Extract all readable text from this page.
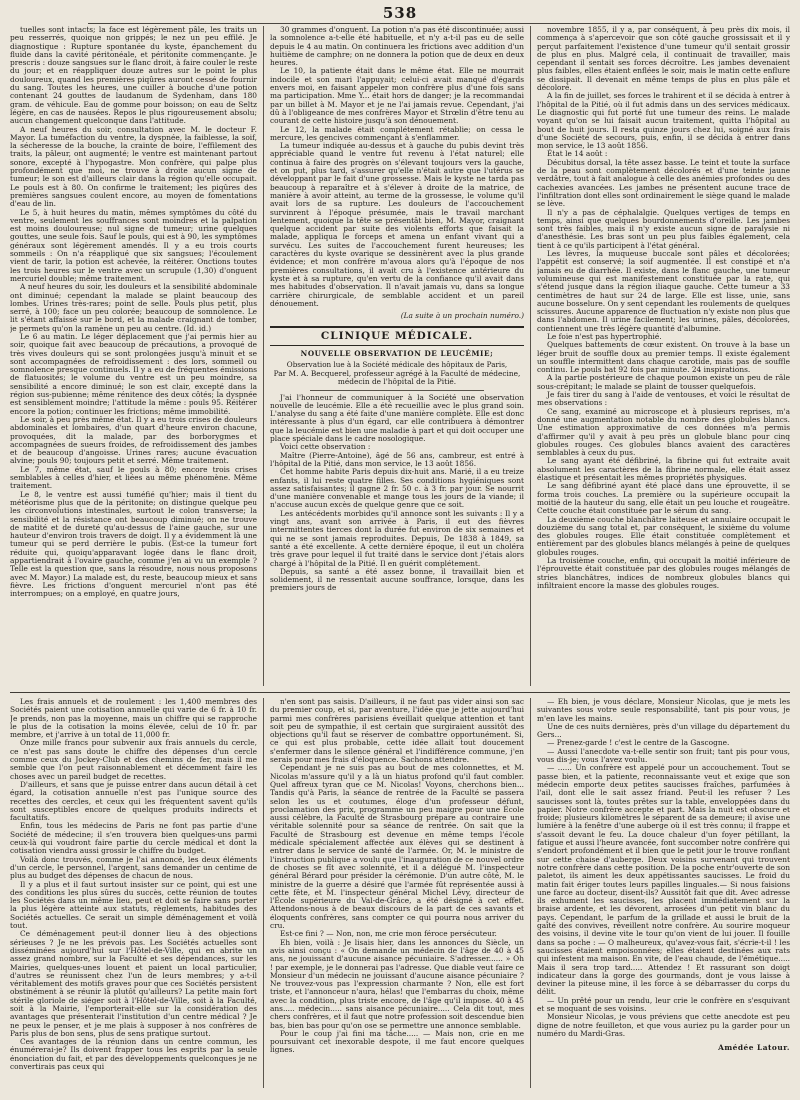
538

tuelles sont intacts; la face est légèrement pâle, les traits un peu resserrés, quoique non grippés; le nez un peu effilé. Je diagnostique : Rupture spontanée du kyste, épanchement du fluide dans la cavité péritonéale, et péritonite commençante. Je prescris : douze sangsues sur le flanc droit, à faire couler le reste du jour; et en réappliquer douze autres sur le point le plus douloureux, quand les premières piqûres auront cessé de fournir du sang. Toutes les heures, une cuiller à bouche d'une potion contenant 24 gouttes de laudanum de Sydenham, dans 180 gram. de véhicule. Eau de gomme pour boisson; on eau de Seltz légère, en cas de nausées. Repos le plus rigoureusement absolu; aucun changement quelconque dans l'attitude.

A neuf heures du soir, consultation avec M. le docteur F. Mayor. La tuméfaction du ventre, la dyspnée, la faiblesse, la soif, la sécheresse de la bouche, la crainte de boire, l'effilement des traits, la pâleur, ont augmenté; le ventre est maintenant partout sonore, excepté à l'hypogastre. Mon confrère, qui palpe plus profondément que moi, ne trouve à droite aucun signe de tumeur; le son est d'ailleurs clair dans la région qu'elle occupait. Le pouls est à 80. On confirme le traitement; les piqûres des premières sangsues coulent encore, au moyen de fomentations d'eau de lin.

Le 5, à huit heures du matin, mêmes symptômes du côté du ventre, seulement les souffrances sont moindres et la palpation est moins douloureuse; nul signe de tumeur; urine quelques gouttes, une seule fois. Sauf le pouls, qui est à 90, les symptômes généraux sont légèrement amendés. Il y a eu trois courts sommeils : On n'a réappliqué que six sangsues; l'écoulement vient de tarir, la potion est achevée, la réitérer. Onctions toutes les trois heures sur le ventre avec un scrupule (1,30) d'onguent mercuriel double; même traitement.

A neuf heures du soir, les douleurs et la sensibilité abdominale ont diminué; cependant la malade se plaint beaucoup des lombes. Urines très-rares; point de selle. Pouls plus petit, plus serré, à 100; face un peu colorée; beaucoup de somnolence. Le lit s'étant affaissé sur le bord, et la malade craignant de tomber, je permets qu'on la ramène un peu au centre. (Id. id.)

Le 6 au matin. Le léger déplacement que j'ai permis hier au soir, quoique fait avec beaucoup de précautions, a provoqué de très vives douleurs qui se sont prolongées jusqu'à minuit et se sont accompagnées de refroidissement : des lors, sommeil ou somnolence presque continuels. Il y a eu de fréquentes émissions de flatuosités; le volume du ventre est un peu moindre, sa sensibilité a encore diminué; le son est clair, excepté dans la région sus-pubienne; même rénitence des deux côtés; la dyspnée est sensiblement moindre; l'attitude la même : pouls 95. Réitérer encore la potion; continuer les frictions; même immobilité.

Le soir, à peu près même état. Il y a eu trois crises de douleurs abdominales et lombaires, d'un quart d'heure environ chacune, provoquées, dit la malade, par des borborygmes et accompagnées de sueurs froides, de refroidissement des jambes et de beaucoup d'angoisse. Urines rares; aucune évacuation alvine; pouls 90; toujours petit et serré. Même traitement.

Le 7, même état, sauf le pouls à 80; encore trois crises semblables à celles d'hier, et liées au même phénomène. Même traitement.

Le 8, le ventre est aussi tuméfié qu'hier; mais il tient du météorisme plus que de la péritonite; on distingue quelque peu les circonvolutions intestinales, surtout le colon transverse; la sensibilité et la résistance ont beaucoup diminué; on ne trouve de matité et de dureté qu'au-dessus de l'aine gauche, sur une hauteur d'environ trois travers de doigt. Il y a évidemment là une tumeur qui se perd derrière le pubis. (Est-ce la tumeur fort réduite qui, quoiqu'apparavant logée dans le flanc droit, appartiendrait à l'ovaire gauche, comme j'en ai vu un exemple ? Telle est la question que, sans la résoudre, nous nous proposons avec M. Mayor.) La malade est, du reste, beaucoup mieux et sans fièvre. Les frictions d'onguent mercuriel n'ont pas été interrompues; on a employé, en quatre jours,

30 grammes d'onguent. La potion n'a pas été discontinuée; aussi la somnolence a-t-elle été habituelle, et n'y a-t-il pas eu de selle depuis le 4 au matin. On continuera les frictions avec addition d'un huitième de camphre; on ne donnera la potion que de deux en deux heures.

Le 10, la patiente était dans le même état. Elle ne mourrait indocile et son mari l'appuyait; celui-ci avait manqué d'égards envers moi, en faisant appeler mon confrère plus d'une fois sans ma participation. Mme Y... était hors de danger; je la recommandai par un billet à M. Mayor et je ne l'ai jamais revue. Cependant, j'ai dû à l'obligeance de mes confrères Mayor et Strœlin d'être tenu au courant de cette histoire jusqu'à son dénouement.

Le 12, la malade était complétement rétablie; on cessa le mercure, les gencives commençant à s'enflammer.

La tumeur indiquée au-dessus et à gauche du pubis devint très appréciable quand le ventre fut revenu à l'état naturel; elle continua à faire des progrès on s'élevant toujours vers la gauche, et on put, plus tard, s'assurer qu'elle n'était autre que l'utérus se développant par le fait d'une grossesse. Mais le kyste ne tarda pas beaucoup à reparaître et à s'élever à droite de la matrice, de manière à avoir atteint, au terme de la grossesse, le volume qu'il avait lors de sa rupture. Les douleurs de l'accouchement survinrent à l'époque présumée, mais le travail marchant lentement, quoique la tête se présentât bien, M. Mayor, craignant quelque accident par suite des violents efforts que faisait la malade, appliqua le forceps et amena un enfant vivant qui a survécu. Les suites de l'accouchement furent heureuses; les caractères du kyste ovarique se dessinèrent avec la plus grande évidence; et mon confrère m'avoua alors qu'à l'époque de nos premières consultations, il avait cru à l'existence antérieure du kyste et à sa rupture, qu'en vertu de la confiance qu'il avait dans mes habitudes d'observation. Il n'avait jamais vu, dans sa longue carrière chirurgicale, de semblable accident et un pareil dénouement.

(La suite à un prochain numéro.)

CLINIQUE MÉDICALE.
NOUVELLE OBSERVATION DE LEUCÉMIE;
Observation lue à la Société médicale des hôpitaux de Paris,

Par M. A. Becquerel, professeur agrégé à la Faculté de médecine, médecin de l'hôpital de la Pitié.

J'ai l'honneur de communiquer à la Société une observation nouvelle de leucémie. Elle a été recueillie avec le plus grand soin. L'analyse du sang a été faite d'une manière complète. Elle est donc intéressante à plus d'un égard, car elle contribuera à démontrer que la leucémie est bien une maladie à part et qui doit occuper une place spéciale dans le cadre nosologique.

Voici cette observation :

Maître (Pierre-Antoine), âgé de 56 ans, cambreur, est entré à l'hôpital de la Pitié, dans mon service, le 13 août 1856.

Cet homme habite Paris depuis dix-huit ans. Marié, il a eu treize enfants, il lui reste quatre filles. Ses conditions hygiéniques sont assez satisfaisantes; il gagne 2 fr. 50 c. à 3 fr. par jour. Se nourrit d'une manière convenable et mange tous les jours de la viande; il n'accuse aucun excès de quelque genre que ce soit.

Les antécédents morbides qu'il annonce sont les suivants : Il y a vingt ans, avant son arrivée à Paris, il eut des fièvres intermittentes tierces dont la durée fut environ de six semaines et qui ne se sont jamais reproduites. Depuis, De 1838 à 1849, sa santé a été excellente. A cette dernière époque, il eut un choléra très grave pour lequel il fut traité dans le service dont j'étais alors chargé à l'hôpital de la Pitié. Il en guérit complétement.

Depuis, sa santé a été assez bonne, il travaillait bien et solidement, il ne ressentait aucune souffrance, lorsque, dans les premiers jours de

novembre 1855, il y a, par conséquent, à peu près dix mois, il commença à s'apercevoir que son côté gauche grossissait et il y perçut parfaitement l'existence d'une tumeur qu'il sentait grossir de plus en plus. Malgré cela, il continuait de travailler, mais cependant il sentait ses forces décroître. Les jambes devenaient plus faibles, elles étaient enflées le soir, mais le matin cette enflure se dissipait. Il devenait en même temps de plus en plus pâle et décoloré.

A la fin de juillet, ses forces le trahirent et il se décida à entrer à l'hôpital de la Pitié, où il fut admis dans un des services médicaux. Le diagnostic qui fut porté fut une tumeur des reins. Le malade voyant qu'on se lui faisait aucun traitement, quitta l'hôpital au bout de huit jours. Il resta quinze jours chez lui, soigné aux frais d'une Société de secours, puis, enfin, il se décida à entrer dans mon service, le 13 août 1856.

État le 14 août :

Décubitus dorsal, la tête assez basse. Le teint et toute la surface de la peau sont complètement décolorés et d'une teinte jaune verdâtre, tout à fait analogue à celle des anémies profondes ou des cachexies avancées. Les jambes ne présentent aucune trace de l'infiltration dont elles sont ordinairement le siège quand le malade se lève.

Il n'y a pas de céphalalgie. Quelques vertiges de temps en temps, ainsi que quelques bourdonnements d'oreille. Les jambes sont très faibles, mais il n'y existe aucun signe de paralysie ni d'anesthésie. Les bras sont un peu plus faibles également, cela tient à ce qu'ils participent à l'état général.

Les lèvres, la muqueuse buccale sont pâles et décolorées; l'appétit est conservé; la soif augmentée. Il est constipé et n'a jamais eu de diarrhée. Il existe, dans le flanc gauche, une tumeur volumineuse qui est manifestement constituée par la rate, qui s'étend jusque dans la région iliaque gauche. Cette tumeur a 33 centimètres de haut sur 24 de large. Elle est lisse, unie, sans aucune bosselure. On y sent cependant les roulements de quelques scissures. Aucune apparence de fluctuation n'y existe non plus que dans l'abdomen. Il urine facilement; les urines, pâles, décolorées, contiennent une très légère quantité d'albumine.

Le foie n'est pas hypertrophié.

Quelques battements de cœur existent. On trouve à la base un léger bruit de souffle doux au premier temps. Il existe également un souffle intermittent dans chaque carotide, mais pas de souffle continu. Le pouls bat 92 fois par minute. 24 inspirations.

A la partie postérieure de chaque poumon existe un peu de râle sous-crépitant; le malade se plaint de tousser quelquefois.

Je fais tirer du sang à l'aide de ventouses, et voici le résultat de mes observations :

Ce sang, examiné au microscope et à plusieurs reprises, m'a donné une augmentation notable du nombre des globules blancs. Une estimation approximative de ces données m'a permis d'affirmer qu'il y avait à peu près un globule blanc pour cinq globules rouges. Ces globules blancs avaient des caractères semblables à ceux du pus.

Le sang ayant été défibriné, la fibrine qui fut extraite avait absolument les caractères de la fibrine normale, elle était assez élastique et présentait les mêmes propriétés physiques.

Le sang défibriné ayant été placé dans une éprouvette, il se forma trois couches. La première ou la supérieure occupait la moitié de la hauteur du sang, elle était un peu louche et rougeâtre. Cette couche était constituée par le sérum du sang.

La deuxième couche blanchâtre laiteuse et annulaire occupait le douzième du sang total et, par conséquent, le sixième du volume des globules rouges. Elle était constituée complètement et entièrement par des globules blancs mélangés à peine de quelques globules rouges.

La troisième couche, enfin, qui occupait la moitié inférieure de l'éprouvette était constituée par des globules rouges mélangés de stries blanchâtres, indices de nombreux globules blancs qui infiltraient encore la masse des globules rouges.

Les frais annuels et de roulement : les 1,400 membres des Sociétés paient une cotisation annuelle qui varie de 6 fr. à 10 fr. Je prends, non pas la moyenne, mais un chiffre qui se rapproche le plus de la cotisation la moins élevée, celui de 10 fr. par membre, et j'arrive à un total de 11,000 fr.

Onze mille francs pour subvenir aux frais annuels du cercle, ce n'est pas sans doute le chiffre des dépenses d'un cercle comme ceux du Jockey-Club et des chemins de fer, mais il me semble que l'on peut raisonnablement et décemment faire les choses avec un pareil budget de recettes.

D'ailleurs, et sans que je puisse entrer dans aucun détail à cet égard, la cotisation annuelle n'est pas l'unique source des recettes des cercles, et ceux qui les fréquentent savent qu'ils sont susceptibles encore de quelques produits indirects et facultatifs.

Enfin, tous les médecins de Paris ne font pas partie d'une Société de médecine; il s'en trouvera bien quelques-uns parmi ceux-là qui voudront faire partie du cercle médical et dont la cotisation viendra aussi grossir le chiffre du budget.

Voilà donc trouvés, comme je l'ai annoncé, les deux éléments d'un cercle, le personnel, l'argent, sans demander un centime de plus au budget des dépenses de chacun de nous.

Il y a plus et il faut surtout insister sur ce point, qui est une des conditions les plus sûres du succès, cette réunion de toutes les Sociétés dans un même lieu, peut et doit se faire sans porter la plus légère atteinte aux statuts, règlements, habitudes des Sociétés actuelles. Ce serait un simple déménagement et voilà tout.

Ce déménagement peut-il donner lieu à des objections sérieuses ? Je ne les prévois pas. Les Sociétés actuelles sont disséminées aujourd'hui sur l'Hôtel-de-Ville, qui en abrite un assez grand nombre, sur la Faculté et ses dépendances, sur les Mairies, quelques-unes louent et paient un local particulier, d'autres se réunissent chez l'un de leurs membres; y a-t-il véritablement des motifs graves pour que ces Sociétés persistent obstinément à se réunir là plutôt qu'ailleurs? La petite main fort stérile gloriole de siéger soit à l'Hôtel-de-Ville, soit à la Faculté, soit à la Mairie, l'emporterait-elle sur la considération des avantages que présenterait l'institution d'un centre médical ? Je ne peux le penser, et je me plais à supposer à nos confrères de Paris plus de bon sens, plus de sens pratique surtout.

Ces avantages de la réunion dans un centre commun, les énumérerai-je? Ils doivent frapper tous les esprits par la seule énonciation du fait, et par des développements quelconques je ne convertirais pas ceux qui

n'en sont pas saisis. D'ailleurs, il ne faut pas vider ainsi son sac du premier coup, et si, par aventure, l'idée que je jette aujourd'hui parmi mes confrères parisiens éveillait quelque attention et tant soit peu de sympathie, il est certain que surgiraient aussitôt des objections qu'il faut se réserver de combattre opportunément. Si, ce qui est plus probable, cette idée allait tout doucement s'enfermer dans le silence général et l'indifférence commune, j'en serais pour mes frais d'éloquence. Sachons attendre.

Cependant je ne suis pas au bout de mes colonnettes, et M. Nicolas m'assure qu'il y a là un hiatus profond qu'il faut combler. Quel affreux tyran que ce M. Nicolas! Voyons, cherchons bien... Tandis qu'à Paris, la séance de rentrée de la Faculté se passera selon les us et coutumes, éloge d'un professeur défunt, proclamation des prix, programme un peu maigre pour une École aussi célèbre, la Faculté de Strasbourg prépare au contraire une véritable solennité pour sa séance de rentrée. On sait que la Faculté de Strasbourg est devenue en même temps l'école médicale spécialement affectée aux élèves qui se destinent à entrer dans le service de santé de l'armée. Or, M. le ministre de l'instruction publique a voulu que l'inauguration de ce nouvel ordre de choses se fît avec solennité, et il a délégué M. l'inspecteur général Bérard pour présider la cérémonie. D'un autre côté, M. le ministre de la guerre a désiré que l'armée fût représentée aussi à cette fête, et M. l'inspecteur général Michel Lévy, directeur de l'École supérieure du Val-de-Grâce, a été désigné à cet effet. Attendons-nous à de beaux discours de la part de ces savants et éloquents confrères, sans compter ce qui pourra nous arriver du cru.

Est-ce fini ? — Non, non, me crie mon féroce persécuteur.

Eh bien, voilà : Je lisais hier, dans les annonces du Siècle, un avis ainsi conçu : « On demande un médecin de l'âge de 40 à 45 ans, ne jouissant d'aucune aisance pécuniaire. S'adresser...... » Oh ! par exemple, je le donnerai pas l'adresse. Que diable veut faire ce Monsieur d'un médecin ne jouissant d'aucune aisance pécuniaire ? Ne trouvez-vous pas l'expression charmante ? Non, elle est fort triste, et l'annonceur n'aura, hélas! que l'embarras du choix, même avec la condition, plus triste encore, de l'âge qu'il impose. 40 à 45 ans..... médecin..... sans aisance pécuniaire..... Cela dit tout, mes chers confrères, et il faut que notre profession soit descendue bien bas, bien bas pour qu'on ose se permettre une annonce semblable.

Pour le coup j'ai fini ma tâche..... — Mais non, crie en me poursuivant cet inexorable despote, il me faut encore quelques lignes.

— Eh bien, je vous déclare, Monsieur Nicolas, que je mets les suivantes sous votre seule responsabilité, tant pis pour vous, je m'en lave les mains.

Une de ces nuits dernières, près d'un village du département du Gers...

— Prenez-garde ! c'est le centre de la Gascogne.

— Aussi l'anecdote va-t-elle sentir son fruit; tant pis pour vous, vous dis-je; vous l'avez voulu.

— ...... Un confrère est appelé pour un accouchement. Tout se passe bien, et la patiente, reconnaissante veut et exige que son médecin emporte deux petites saucisses fraîches, parfumées à l'ail, dont elle le sait assez friand. Peut-il les refuser ? Les saucisses sont là, toutes prêtes sur la table, enveloppées dans du papier. Notre confrère accepte et part. Mais la nuit est obscure et froide; plusieurs kilomètres le séparent de sa demeure; il avise une lumière à la fenêtre d'une auberge où il est très connu; il frappe et s'assoit devant le feu. La douce chaleur d'un foyer pétillant, la fatigue et aussi l'heure avancée, font succomber notre confrère qui s'endort profondément et il bien que le petit jour le trouve ronflant sur cette chaise d'auberge. Deux voisins survenant qui trouvent notre confrère dans cette position. De la poche entr'ouverte de son paletot, ils aiment les deux appétissantes saucisses. Le froid du matin fait ériger toutes leurs papilles linguales.— Si nous faisions une farce au docteur, disent-ils? Aussitôt fait que dit. Avec adresse ils exhument les saucisses, les placent immédiatement sur la braise ardente, et les dévorent, arrosées d'un petit vin blanc du pays. Cependant, le parfum de la grillade et aussi le bruit de la gaîté des convives, réveillent notre confrère. Au sourire moqueur des voisins, il devine vite le tour qu'on vient de lui jouer. Il fouille dans sa poche : — O malheureux, qu'avez-vous fait, s'écrie-t-il ! les saucisses étaient empoisonnées; elles étaient destinées aux rats qui infestent ma maison. En vite, de l'eau chaude, de l'émétique..... Mais il sera trop tard..... Attendez ! Et rassurant son doigt indicateur dans la gorge des gourmands, dont je vous laisse à deviner la piteuse mine, il les force à se débarrasser du corps du délit.

— Un prêté pour un rendu, leur crie le confrère en s'esquivant et se moquant de ses voisins.

Monsieur Nicolas, je vous préviens que cette anecdote est peu digne de notre feuilleton, et que vous auriez pu la garder pour un numéro du Mardi-Gras.

Amédée Latour.
